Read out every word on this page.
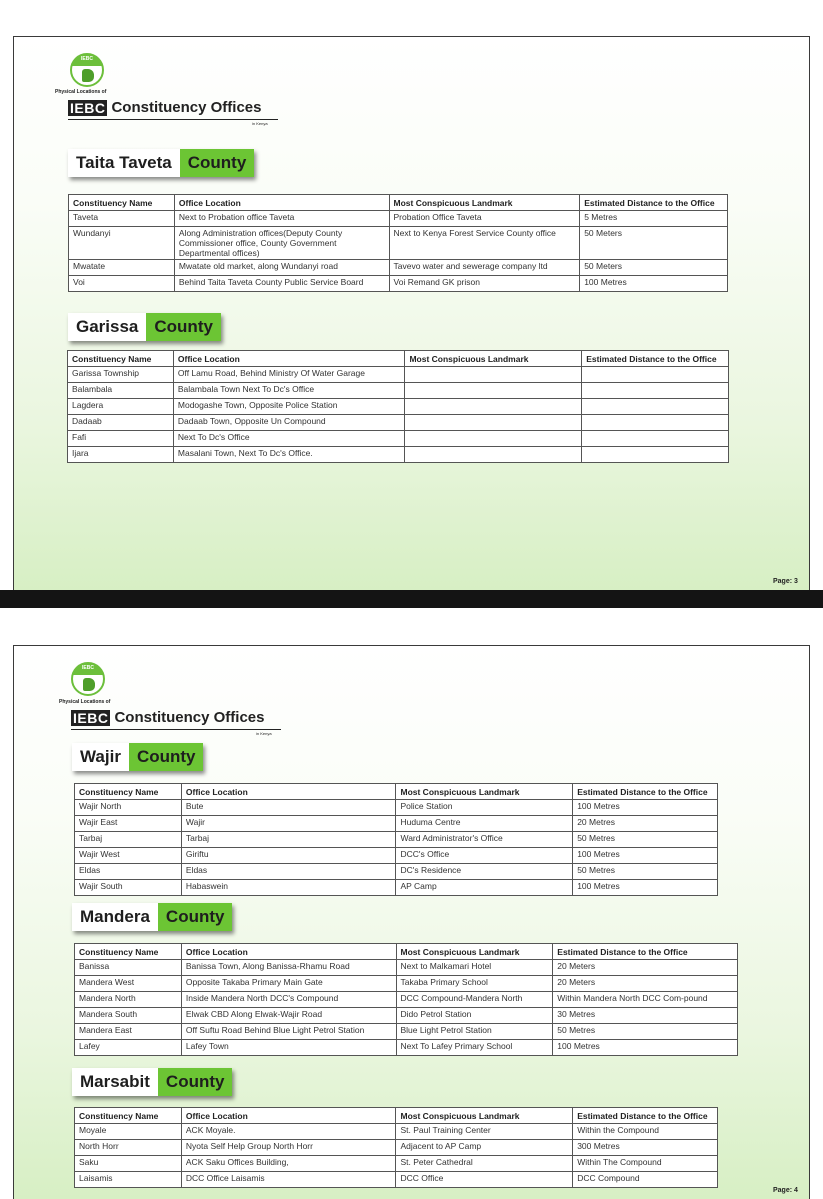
IEBC
Physical Locations of
IEBC Constituency Offices
in Kenya
Taita Taveta County
Constituency Name	Office Location	Most Conspicuous Landmark	Estimated Distance to the Office
Taveta	Next to Probation office Taveta	Probation Office Taveta	5 Metres
Wundanyi	Along Administration offices(Deputy County Commissioner office, County Government Departmental offices)	Next to Kenya Forest Service County office	50 Meters
Mwatate	Mwatate old market, along Wundanyi road	Tavevo water and sewerage company ltd	50 Meters
Voi	Behind Taita Taveta County Public Service Board	Voi Remand GK prison	100 Metres
Garissa County
Constituency Name	Office Location	Most Conspicuous Landmark	Estimated Distance to the Office
Garissa Township	Off Lamu Road, Behind Ministry Of Water Garage		
Balambala	Balambala Town Next To Dc's Office		
Lagdera	Modogashe Town, Opposite Police Station		
Dadaab	Dadaab Town, Opposite Un Compound		
Fafi	Next To Dc's Office		
Ijara	Masalani Town, Next To Dc's Office.		
Page: 3
IEBC
Physical Locations of
IEBC Constituency Offices
in Kenya
Wajir County
Constituency Name	Office Location	Most Conspicuous Landmark	Estimated Distance to the Office
Wajir North	Bute	Police Station	100 Metres
Wajir East	Wajir	Huduma Centre	20 Metres
Tarbaj	Tarbaj	Ward Administrator's Office	50 Metres
Wajir West	Giriftu	DCC's Office	100 Metres
Eldas	Eldas	DC's Residence	50 Metres
Wajir South	Habaswein	AP Camp	100 Metres
Mandera County
Constituency Name	Office Location	Most Conspicuous Landmark	Estimated Distance to the Office
Banissa	Banissa Town, Along Banissa-Rhamu Road	Next to Malkamari Hotel	20 Meters
Mandera West	Opposite Takaba Primary Main Gate	Takaba Primary School	20 Meters
Mandera North	Inside Mandera North DCC's Compound	DCC Compound-Mandera North	Within Mandera North DCC Com-pound
Mandera South	Elwak CBD Along Elwak-Wajir Road	Dido Petrol Station	30 Metres
Mandera East	Off Suftu Road Behind Blue Light Petrol Station	Blue Light Petrol Station	50 Metres
Lafey	Lafey Town	Next To Lafey Primary School	100 Metres
Marsabit County
Constituency Name	Office Location	Most Conspicuous Landmark	Estimated Distance to the Office
Moyale	ACK Moyale.	St. Paul Training Center	Within the Compound
North Horr	Nyota Self Help Group North Horr	Adjacent to AP Camp	300 Metres
Saku	ACK Saku Offices Building,	St. Peter Cathedral	Within The Compound
Laisamis	DCC Office Laisamis	DCC Office	DCC Compound
Page: 4
